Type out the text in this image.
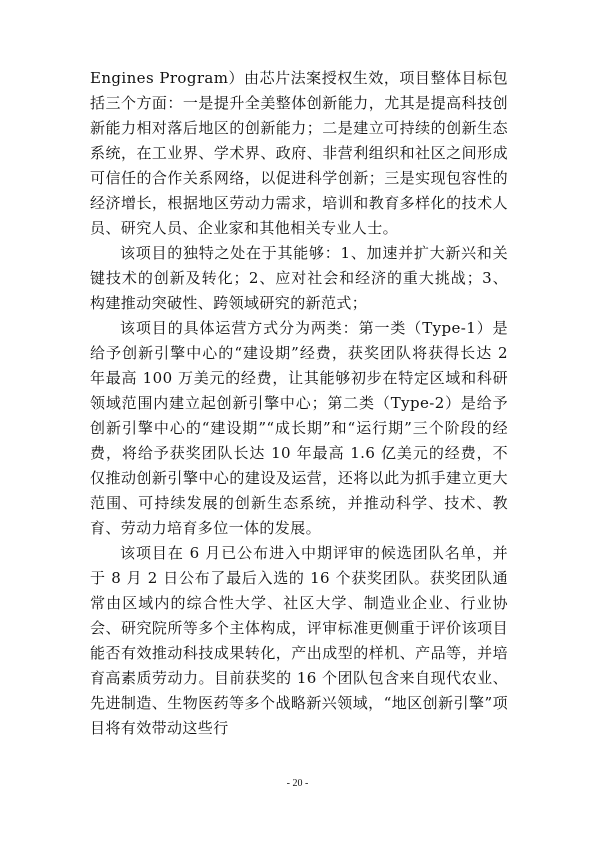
Engines Program）由芯片法案授权生效，项目整体目标包括三个方面：一是提升全美整体创新能力，尤其是提高科技创新能力相对落后地区的创新能力；二是建立可持续的创新生态系统，在工业界、学术界、政府、非营利组织和社区之间形成可信任的合作关系网络，以促进科学创新；三是实现包容性的经济增长，根据地区劳动力需求，培训和教育多样化的技术人员、研究人员、企业家和其他相关专业人士。

该项目的独特之处在于其能够：1、加速并扩大新兴和关键技术的创新及转化；2、应对社会和经济的重大挑战；3、构建推动突破性、跨领域研究的新范式；

该项目的具体运营方式分为两类：第一类（Type-1）是给予创新引擎中心的“建设期”经费，获奖团队将获得长达 2 年最高 100 万美元的经费，让其能够初步在特定区域和科研领域范围内建立起创新引擎中心；第二类（Type-2）是给予创新引擎中心的“建设期”“成长期”和“运行期”三个阶段的经费，将给予获奖团队长达 10 年最高 1.6 亿美元的经费，不仅推动创新引擎中心的建设及运营，还将以此为抓手建立更大范围、可持续发展的创新生态系统，并推动科学、技术、教育、劳动力培育多位一体的发展。

该项目在 6 月已公布进入中期评审的候选团队名单，并于 8 月 2 日公布了最后入选的 16 个获奖团队。获奖团队通常由区域内的综合性大学、社区大学、制造业企业、行业协会、研究院所等多个主体构成，评审标准更侧重于评价该项目能否有效推动科技成果转化，产出成型的样机、产品等，并培育高素质劳动力。目前获奖的 16 个团队包含来自现代农业、先进制造、生物医药等多个战略新兴领域，“地区创新引擎”项目将有效带动这些行

- 20 -
